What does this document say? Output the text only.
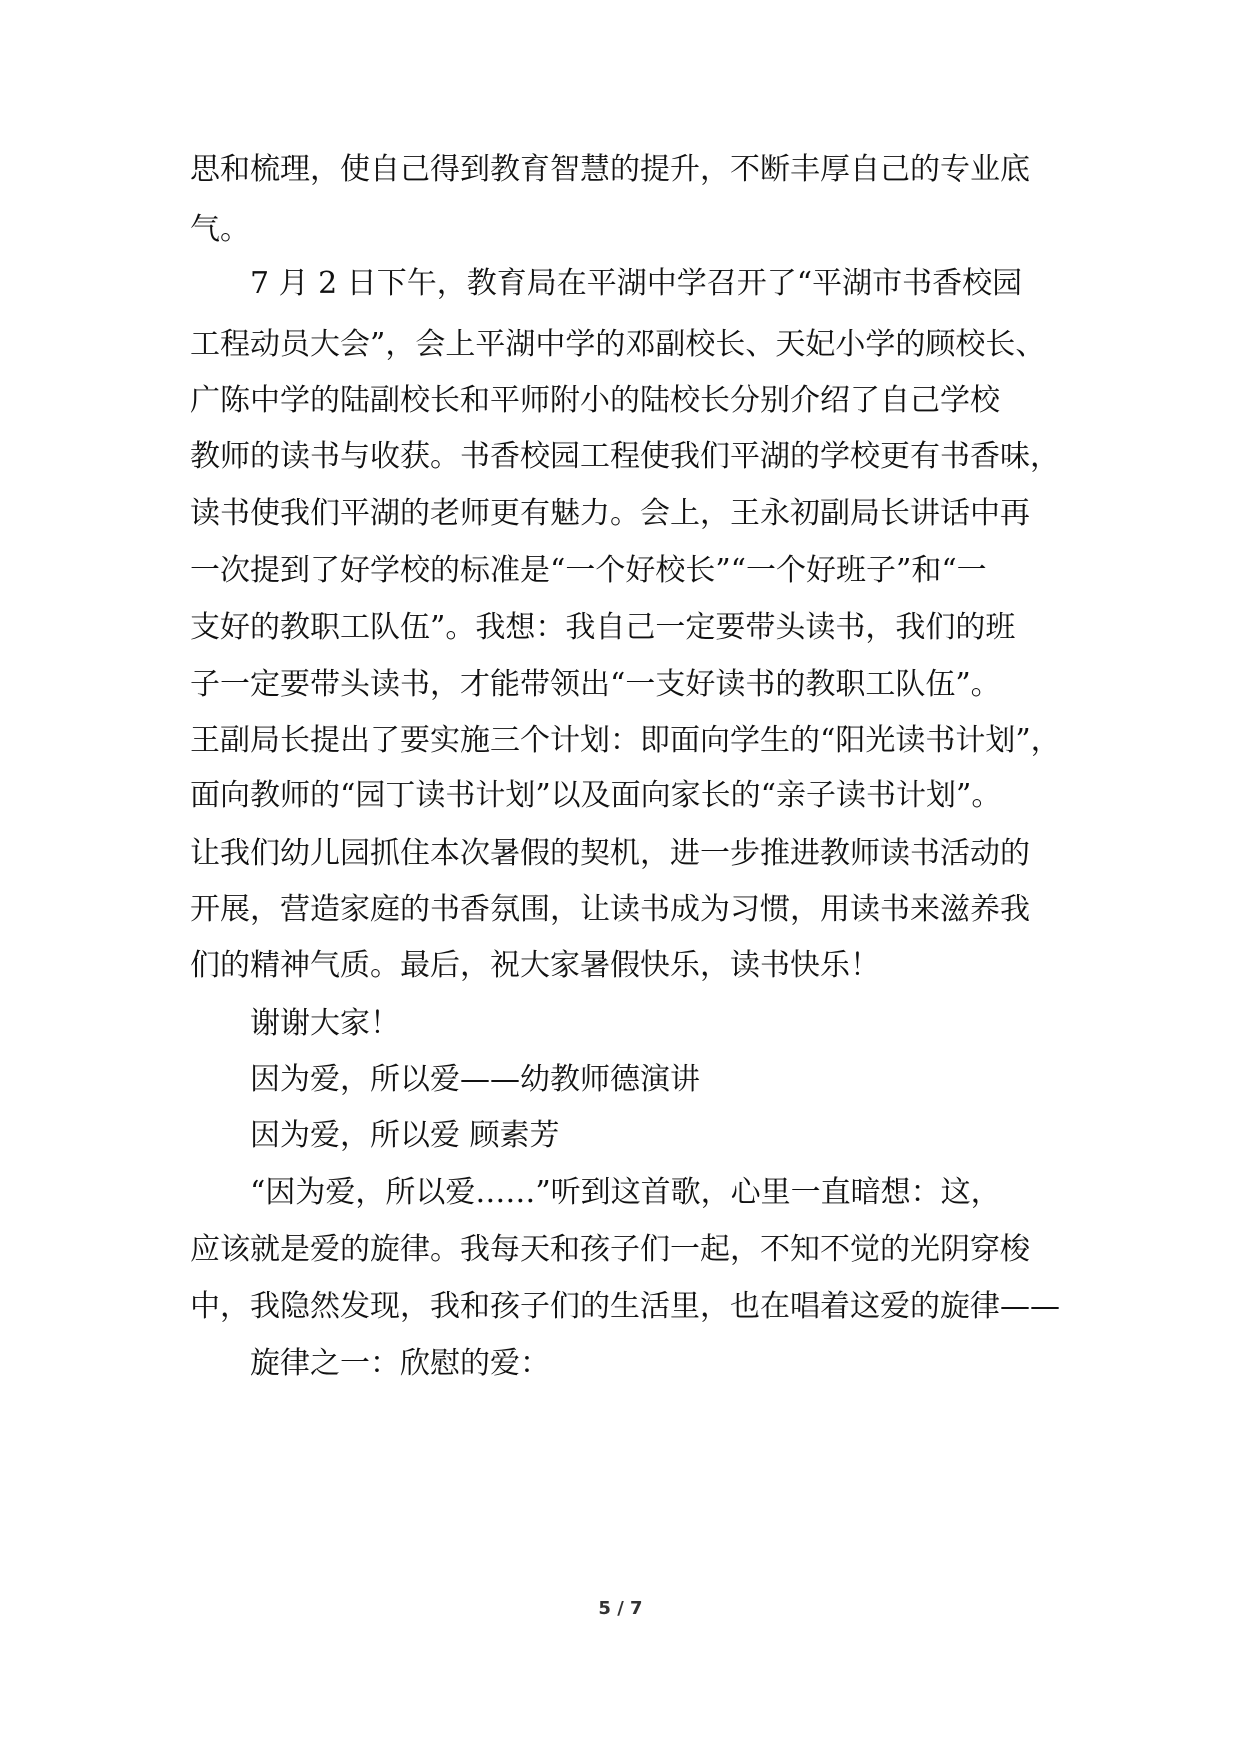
思和梳理，使自己得到教育智慧的提升，不断丰厚自己的专业底
气。
7 月 2 日下午，教育局在平湖中学召开了“平湖市书香校园
工程动员大会”，会上平湖中学的邓副校长、天妃小学的顾校长、
广陈中学的陆副校长和平师附小的陆校长分别介绍了自己学校
教师的读书与收获。书香校园工程使我们平湖的学校更有书香味，
读书使我们平湖的老师更有魅力。会上，王永初副局长讲话中再
一次提到了好学校的标准是“一个好校长”“一个好班子”和“一
支好的教职工队伍”。我想：我自己一定要带头读书，我们的班
子一定要带头读书，才能带领出“一支好读书的教职工队伍”。
王副局长提出了要实施三个计划：即面向学生的“阳光读书计划”，
面向教师的“园丁读书计划”以及面向家长的“亲子读书计划”。
让我们幼儿园抓住本次暑假的契机，进一步推进教师读书活动的
开展，营造家庭的书香氛围，让读书成为习惯，用读书来滋养我
们的精神气质。最后，祝大家暑假快乐，读书快乐！
谢谢大家！
因为爱，所以爱——幼教师德演讲
因为爱，所以爱 顾素芳
“因为爱，所以爱……”听到这首歌，心里一直暗想：这，
应该就是爱的旋律。我每天和孩子们一起，不知不觉的光阴穿梭
中，我隐然发现，我和孩子们的生活里，也在唱着这爱的旋律——
旋律之一：欣慰的爱：
5 / 7
